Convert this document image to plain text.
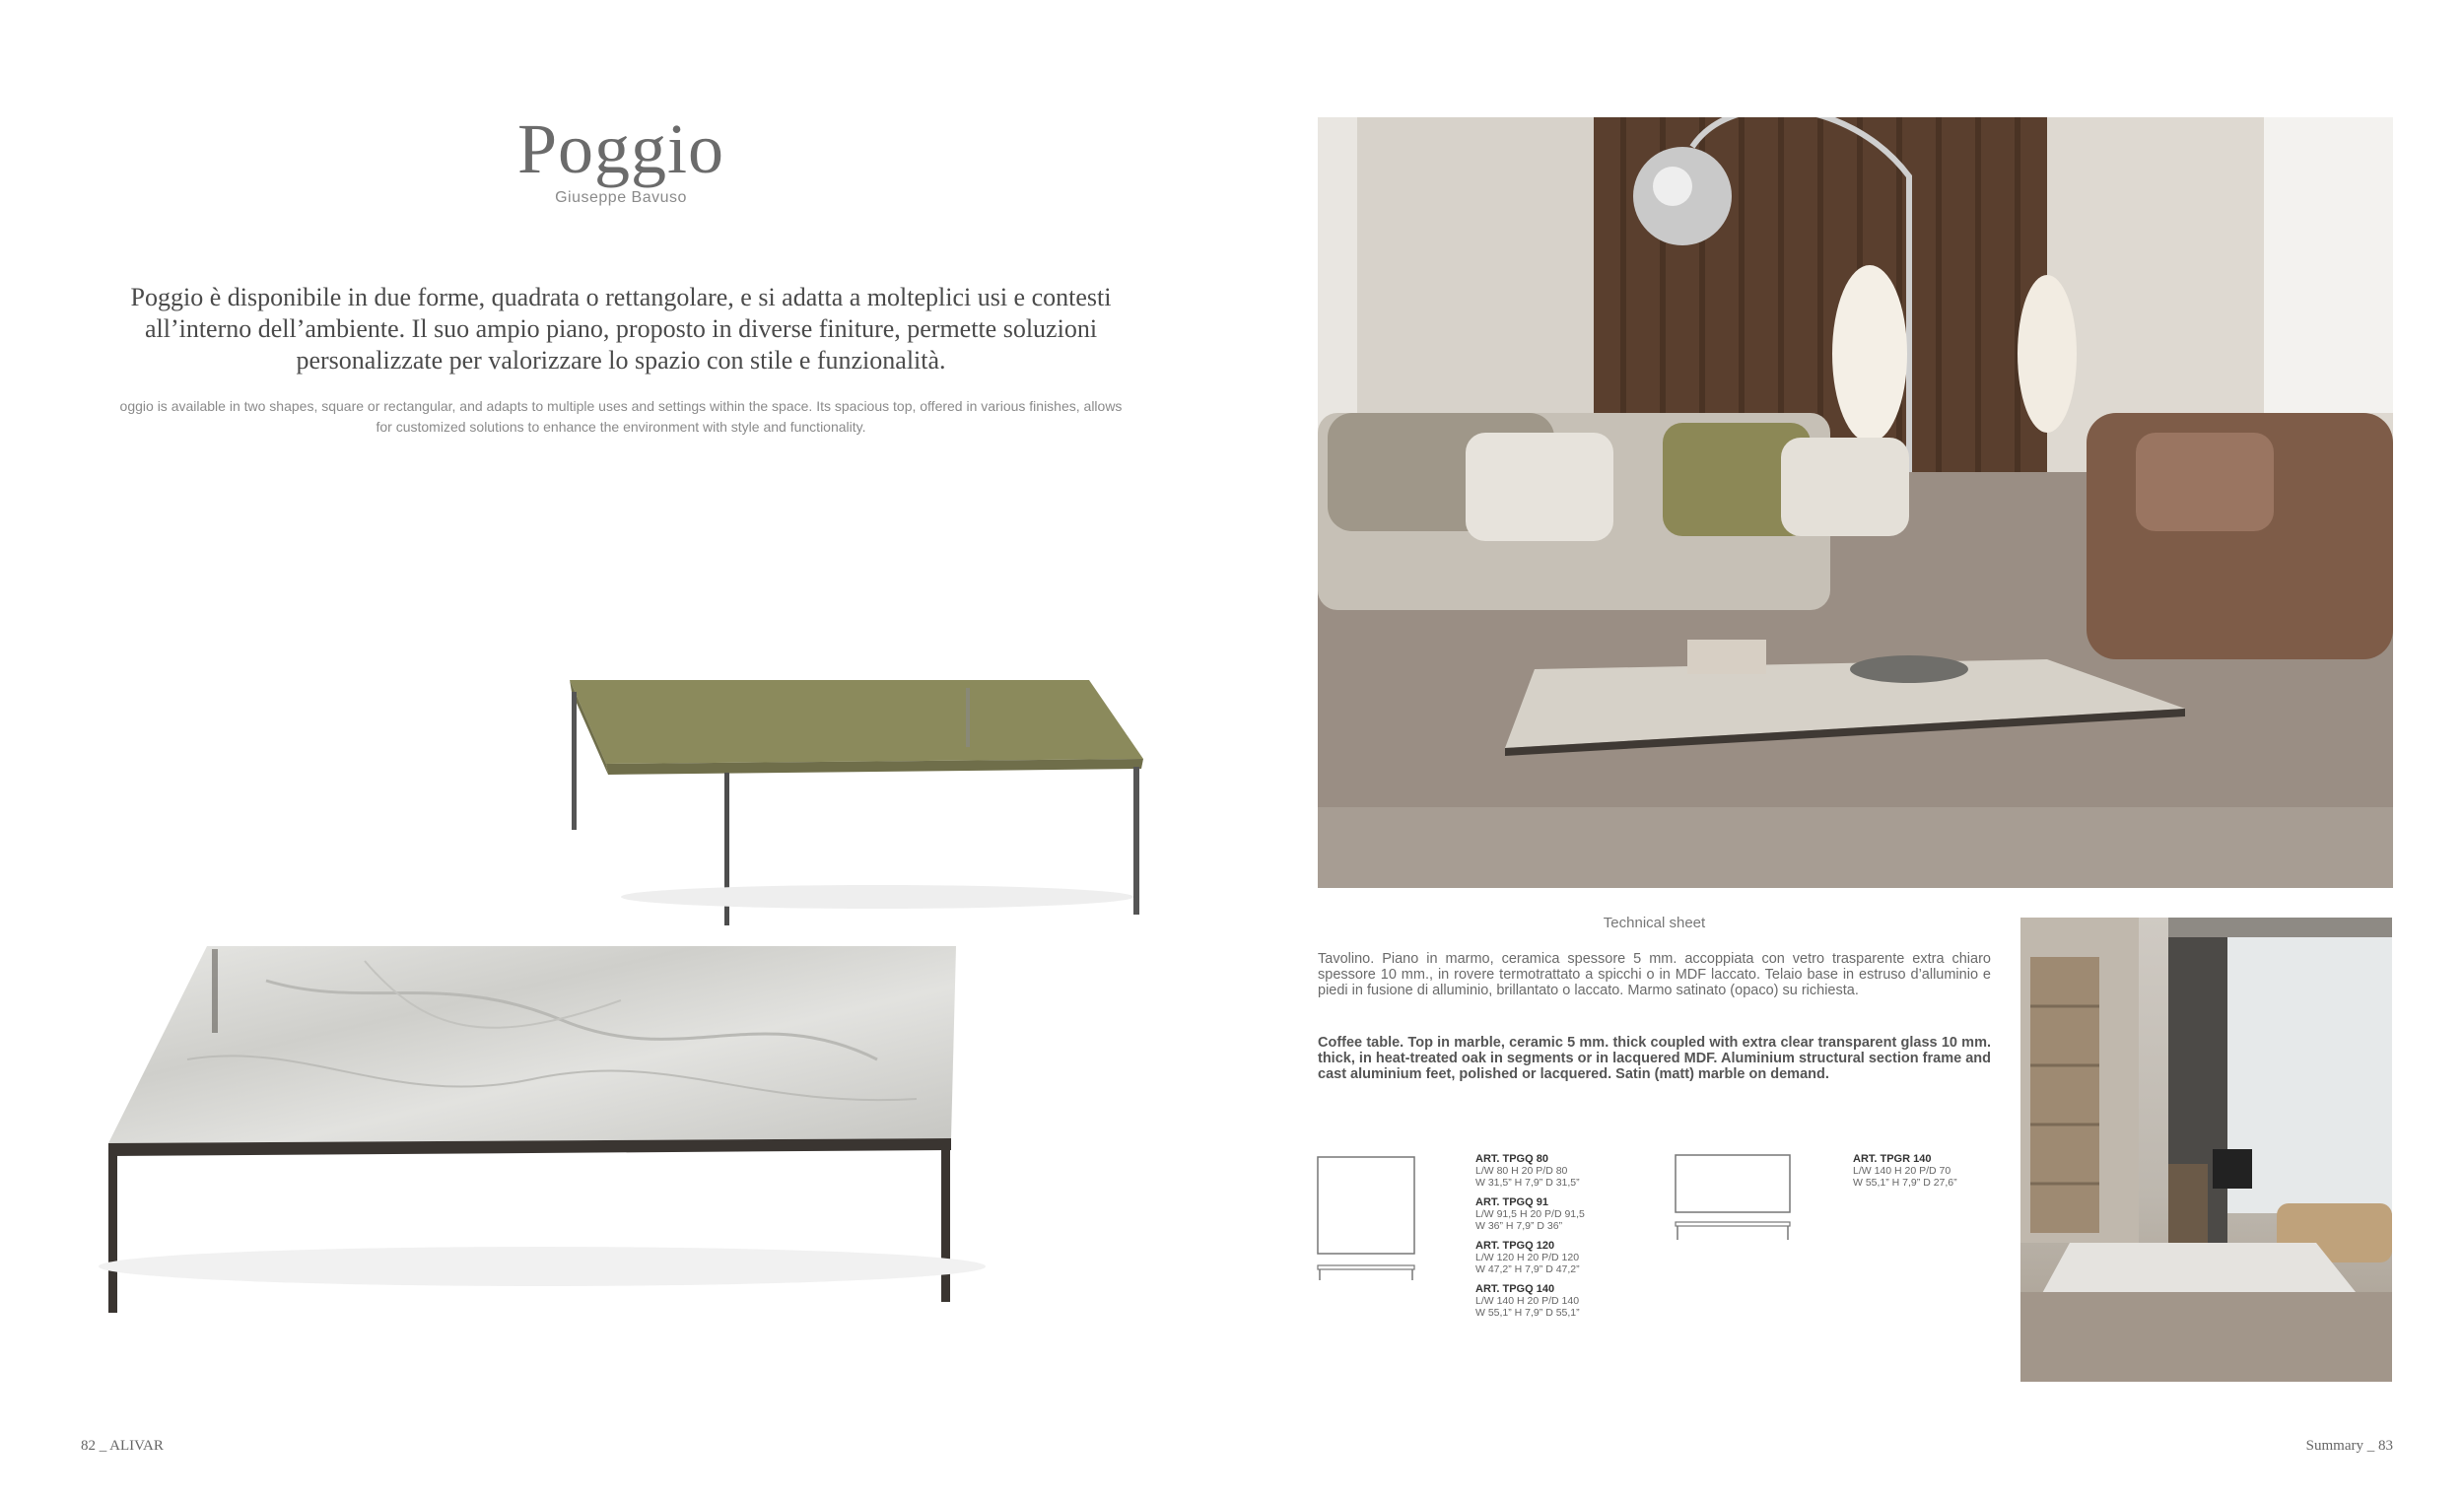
Poggio
Giuseppe Bavuso
Poggio è disponibile in due forme, quadrata o rettangolare, e si adatta a molteplici usi e contesti all’interno dell’ambiente. Il suo ampio piano, proposto in diverse finiture, permette soluzioni personalizzate per valorizzare lo spazio con stile e funzionalità.
oggio is available in two shapes, square or rectangular, and adapts to multiple uses and settings within the space. Its spacious top, offered in various finishes, allows for customized solutions to enhance the environment with style and functionality.
Technical sheet
Tavolino. Piano in marmo, ceramica spessore 5 mm. accoppiata con vetro trasparente extra chiaro spessore 10 mm., in rovere termotrattato a spicchi o in MDF laccato. Telaio base in estruso d’alluminio e piedi in fusione di alluminio, brillantato o laccato. Marmo satinato (opaco) su richiesta.
Coffee table. Top in marble, ceramic 5 mm. thick coupled with extra clear transparent glass 10 mm. thick, in heat-treated oak in segments or in lacquered MDF. Aluminium structural section frame and cast aluminium feet, polished or lacquered. Satin (matt) marble on demand.
ART. TPGQ 80
L/W 80 H 20 P/D 80
W 31,5” H 7,9” D 31,5”
ART. TPGQ 91
L/W 91,5 H 20 P/D 91,5
W 36” H 7,9” D 36”
ART. TPGQ 120
L/W 120 H 20 P/D 120
W 47,2” H 7,9” D 47,2”
ART. TPGQ 140
L/W 140 H 20 P/D 140
W 55,1” H 7,9” D 55,1”
ART. TPGR 140
L/W 140 H 20 P/D 70
W 55,1” H 7,9” D 27,6”
82 _ ALIVAR	Summary _ 83
